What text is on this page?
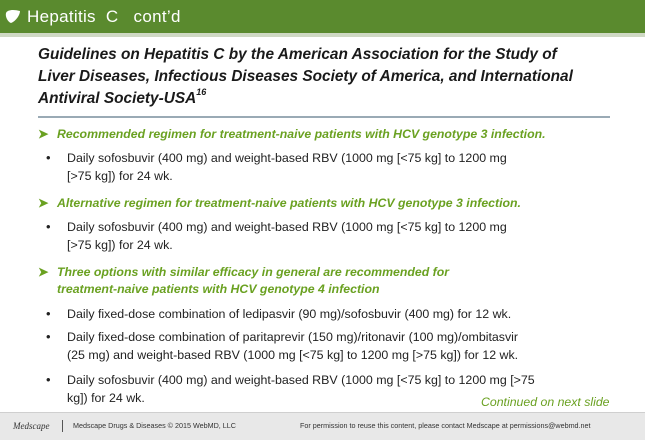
Hepatitis  C   cont’d
Guidelines on Hepatitis C by the American Association for the Study of
Liver Diseases, Infectious Diseases Society of America, and International
Antiviral Society-USA$^{16}$
➤ Recommended regimen for treatment-naive patients with HCV genotype 3 infection.
• Daily sofosbuvir (400 mg) and weight-based RBV (1000 mg [<75 kg] to 1200 mg
[>75 kg]) for 24 wk.
➤ Alternative regimen for treatment-naive patients with HCV genotype 3 infection.
• Daily sofosbuvir (400 mg) and weight-based RBV (1000 mg [<75 kg] to 1200 mg
[>75 kg]) for 24 wk.
➤ Three options with similar efficacy in general are recommended for
treatment-naive patients with HCV genotype 4 infection
• Daily fixed-dose combination of ledipasvir (90 mg)/sofosbuvir (400 mg) for 12 wk.
• Daily fixed-dose combination of paritaprevir (150 mg)/ritonavir (100 mg)/ombitasvir
(25 mg) and weight-based RBV (1000 mg [<75 kg] to 1200 mg [>75 kg]) for 12 wk.
• Daily sofosbuvir (400 mg) and weight-based RBV (1000 mg [<75 kg] to 1200 mg [>75
kg]) for 24 wk.	Continued on next slide
Medscape	Medscape Drugs & Diseases © 2015 WebMD, LLC	For permission to reuse this content, please contact Medscape at permissions@webmd.net
